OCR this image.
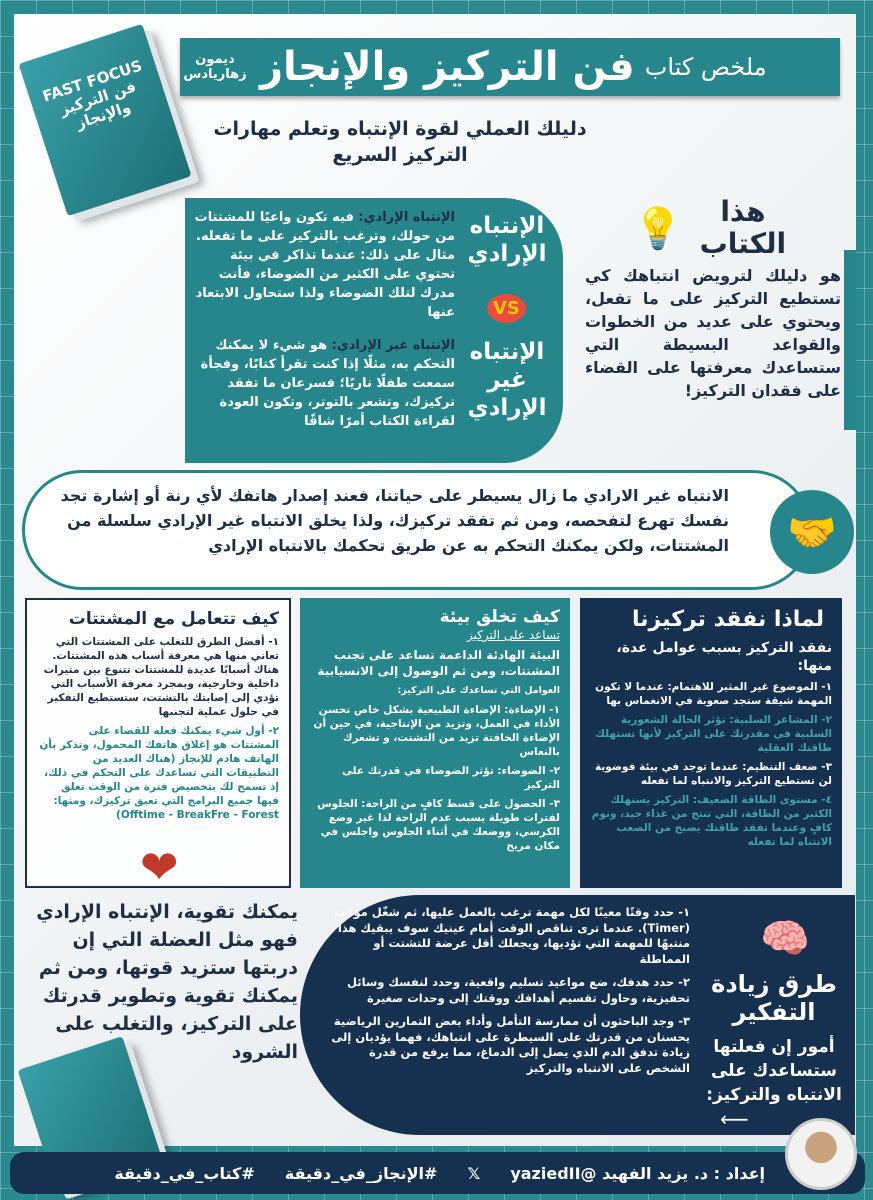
FAST FOCUS فن التركيز والإنجاز
ملخص كتاب
فن التركيز والإنجاز
ديمون زهاريادس
دليلك العملي لقوة الإنتباه وتعلم مهارات التركيز السريع
الإنتباه الإرادي: فيه تكون واعيًا للمشتتات من حولك، وترغب بالتركيز على ما تفعله. مثال على ذلك: عندما تذاكر في بيئة تحتوي على الكثير من الضوضاء، فأنت مدرك لتلك الضوضاء ولذا ستحاول الابتعاد عنها
الإنتباه الإرادي
VS
الإنتباه غير الإرادي
الإنتباه غير الإرادي: هو شيء لا يمكنك التحكم به، مثلًا إذا كنت تقرأ كتابًا، وفجأة سمعت طفلًا ناريًا؛ فسرعان ما تفقد تركيزك، وتشعر بالتوتر، وتكون العودة لقراءة الكتاب أمرًا شاقًا
هذا الكتاب
💡
هو دليلك لترويض انتباهك كي تستطيع التركيز على ما تفعل، ويحتوي على عديد من الخطوات والقواعد البسيطة التي ستساعدك معرفتها على القضاء على فقدان التركيز!
الانتباه غير الارادي ما زال يسيطر على حياتنا، فعند إصدار هاتفك لأي رنة أو إشارة تجد نفسك تهرع لتفحصه، ومن ثم تفقد تركيزك، ولذا يخلق الانتباه غير الإرادي سلسلة من المشتتات، ولكن يمكنك التحكم به عن طريق تحكمك بالانتباه الإرادي	🤝
كيف تتعامل مع المشتتات

١- أفضل الطرق للتغلب على المشتتات التي تعاني منها هي معرفة أسباب هذه المشتتات. هناك أسبابًا عديدة للمشتتات تتنوع بين مثيرات داخلية وخارجية، وبمجرد معرفة الأسباب التي تؤدي إلى إصابتك بالتشتت، ستستطيع التفكير في حلول عملية لتجنبها

٢- أول شيء يمكنك فعله للقضاء على المشتتات هو إغلاق هاتفك المحمول، وتذكر بأن الهاتف هادم للإنجاز (هناك العديد من التطبيقات التي تساعدك على التحكم في ذلك، إذ تسمح لك بتخصيص فترة من الوقت تغلق فيها جميع البرامج التي تعيق تركيزك، ومنها: Offtime - BreakFre - Forest)

❤
كيف تخلق بيئة
تساعد على التركيز

البيئة الهادئة الداعمة تساعد على تجنب المشتتات، ومن ثم الوصول إلى الانسيابية

العوامل التي تساعدك على التركيز:

١- الإضاءة: الإضاءة الطبيعية بشكل خاص تحسن الأداء في العمل، وتزيد من الإنتاجية، في حين أن الإضاءة الخافتة تزيد من التشتت، و تشعرك بالنعاس

٢- الضوضاء: تؤثر الضوضاء في قدرتك على التركيز

٣- الحصول على قسط كافٍ من الراحة: الجلوس لفترات طويلة يسبب عدم الراحة لذا غير وضع الكرسي، ووضعك في أثناء الجلوس واجلس في مكان مريح

لماذا نفقد تركيزنا

نفقد التركيز بسبب عوامل عدة، منها:

١- الموضوع غير المثير للاهتمام: عندما لا تكون المهمة شيقة ستجد صعوبة في الانغماس بها

٢- المشاعر السلبية: تؤثر الحالة الشعورية السلبية في مقدرتك على التركيز لأنها تستهلك طاقتك العقلية

٣- ضعف التنظيم: عندما توجد في بيئة فوضوية لن تستطيع التركيز والانتباه لما تفعله

٤- مستوى الطاقة الضعيف: التركيز يستهلك الكثير من الطاقة، التي تنتج من غذاء جيد، ونوم كافٍ وعندما تفقد طاقتك يصبح من الصعب الانتباه لما تفعله

يمكنك تقوية، الإنتباه الإرادي فهو مثل العضلة التي إن دربتها ستزيد قوتها، ومن ثم يمكنك تقوية وتطوير قدرتك على التركيز، والتغلب على الشرود

١- حدد وقتًا معينًا لكل مهمة ترغب بالعمل عليها، ثم شغّل مؤقت (Timer). عندما ترى تناقص الوقت أمام عينيك سوف يبقيك هذا منتبهًا للمهمة التي تؤديها، ويجعلك أقل عرضة للتشتت أو المماطلة

٢- حدد هدفك، ضع مواعيد تسليم واقعية، وحدد لنفسك وسائل تحفيزية، وحاول تقسيم أهدافك ووقتك إلى وحدات صغيرة

٣- وجد الباحثون أن ممارسة التأمل وأداء بعض التمارين الرياضية يحسنان من قدرتك على السيطرة على انتباهك، فهما يؤديان إلى زيادة تدفق الدم الذي يصل إلى الدماغ، مما يرفع من قدرة الشخص على الانتباه والتركيز

طرق زيادة التفكير
أمور إن فعلتها ستساعدك على الانتباه والتركيز:
⟵
🧠
إعداد : د. يزيد الفهيد @yaziedII
𝕏
#الإنجاز_في_دقيقة
#كتاب_في_دقيقة
